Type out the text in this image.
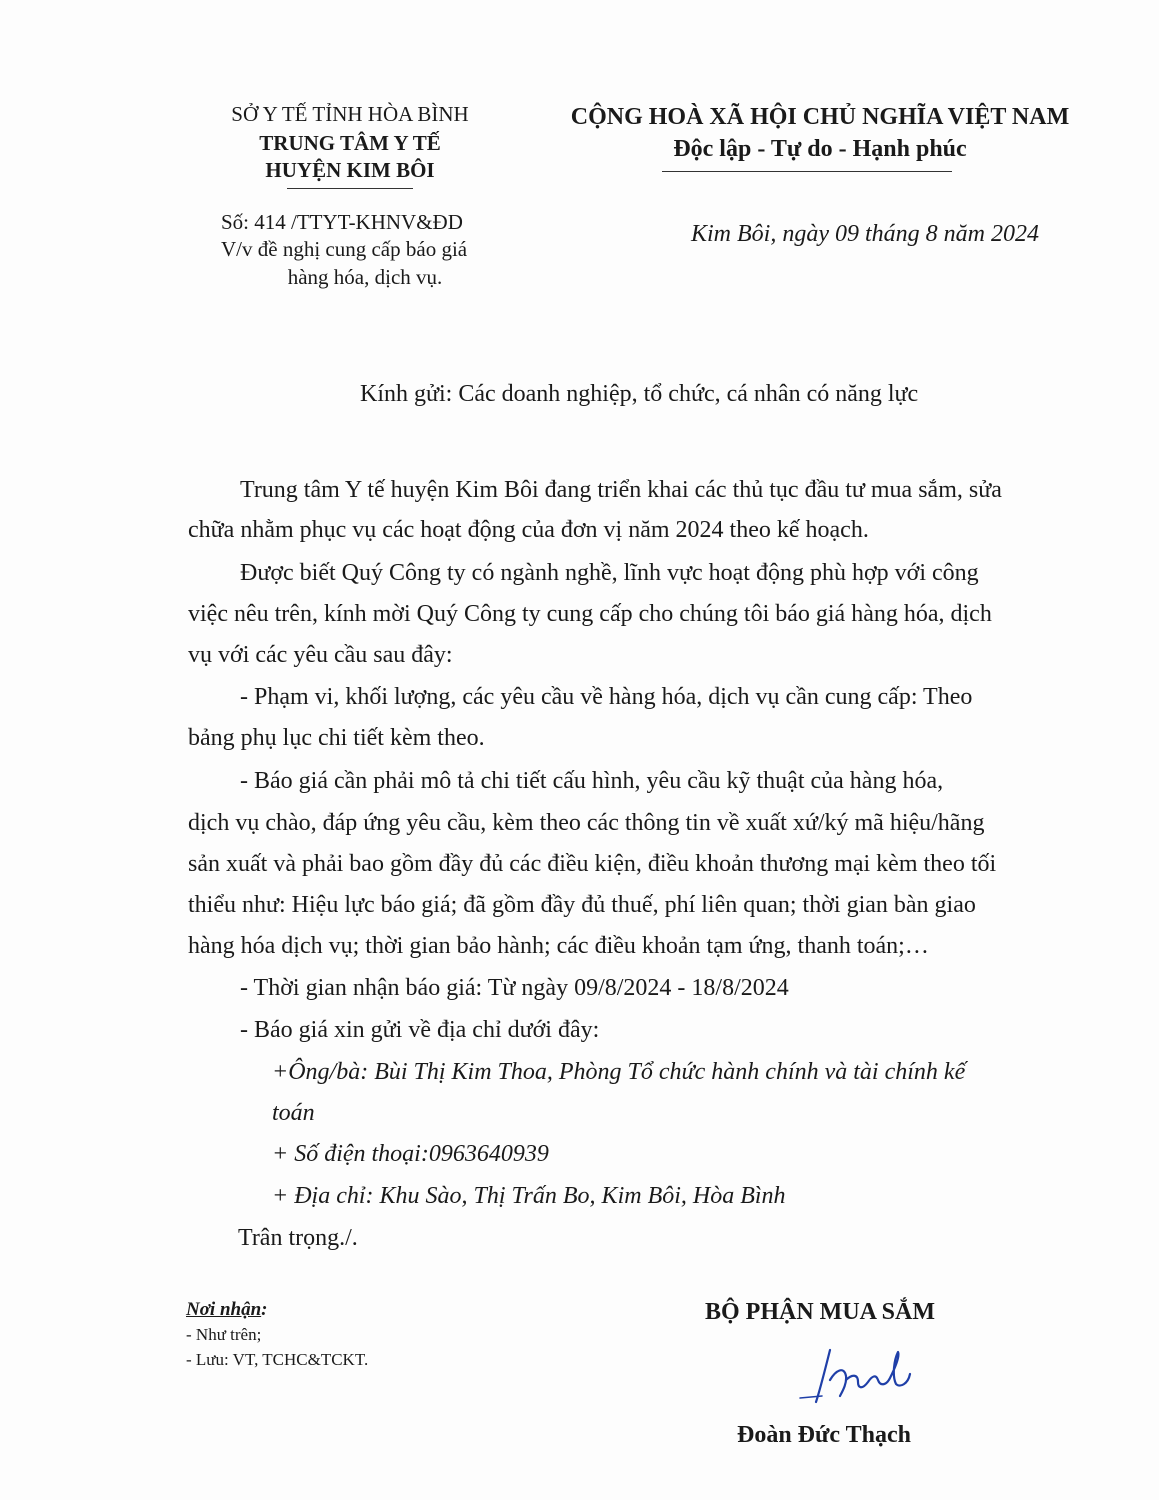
SỞ Y TẾ TỈNH HÒA BÌNH
TRUNG TÂM Y TẾ
HUYỆN KIM BÔI
Số: 414 /TTYT-KHNV&ĐD
V/v đề nghị cung cấp báo giá
hàng hóa, dịch vụ.
CỘNG HOÀ XÃ HỘI CHỦ NGHĨA VIỆT NAM
Độc lập - Tự do - Hạnh phúc
Kim Bôi, ngày 09 tháng 8 năm 2024
Kính gửi: Các doanh nghiệp, tổ chức, cá nhân có năng lực
Trung tâm Y tế huyện Kim Bôi đang triển khai các thủ tục đầu tư mua sắm, sửa
chữa nhằm phục vụ các hoạt động của đơn vị năm 2024 theo kế hoạch.
Được biết Quý Công ty có ngành nghề, lĩnh vực hoạt động phù hợp với công
việc nêu trên, kính mời Quý Công ty cung cấp cho chúng tôi báo giá hàng hóa, dịch
vụ với các yêu cầu sau đây:
- Phạm vi, khối lượng, các yêu cầu về hàng hóa, dịch vụ cần cung cấp: Theo
bảng phụ lục chi tiết kèm theo.
- Báo giá cần phải mô tả chi tiết cấu hình, yêu cầu kỹ thuật của hàng hóa,
dịch vụ chào, đáp ứng yêu cầu, kèm theo các thông tin về xuất xứ/ký mã hiệu/hãng
sản xuất và phải bao gồm đầy đủ các điều kiện, điều khoản thương mại kèm theo tối
thiểu như: Hiệu lực báo giá; đã gồm đầy đủ thuế, phí liên quan; thời gian bàn giao
hàng hóa dịch vụ; thời gian bảo hành; các điều khoản tạm ứng, thanh toán;…
- Thời gian nhận báo giá: Từ ngày 09/8/2024 - 18/8/2024
- Báo giá xin gửi về địa chỉ dưới đây:
+Ông/bà: Bùi Thị Kim Thoa, Phòng Tổ chức hành chính và tài chính kế
toán
+ Số điện thoại:0963640939
+ Địa chỉ: Khu Sào, Thị Trấn Bo, Kim Bôi, Hòa Bình
Trân trọng./.
Nơi nhận:
- Như trên;
- Lưu: VT, TCHC&TCKT.
BỘ PHẬN MUA SẮM
Đoàn Đức Thạch
